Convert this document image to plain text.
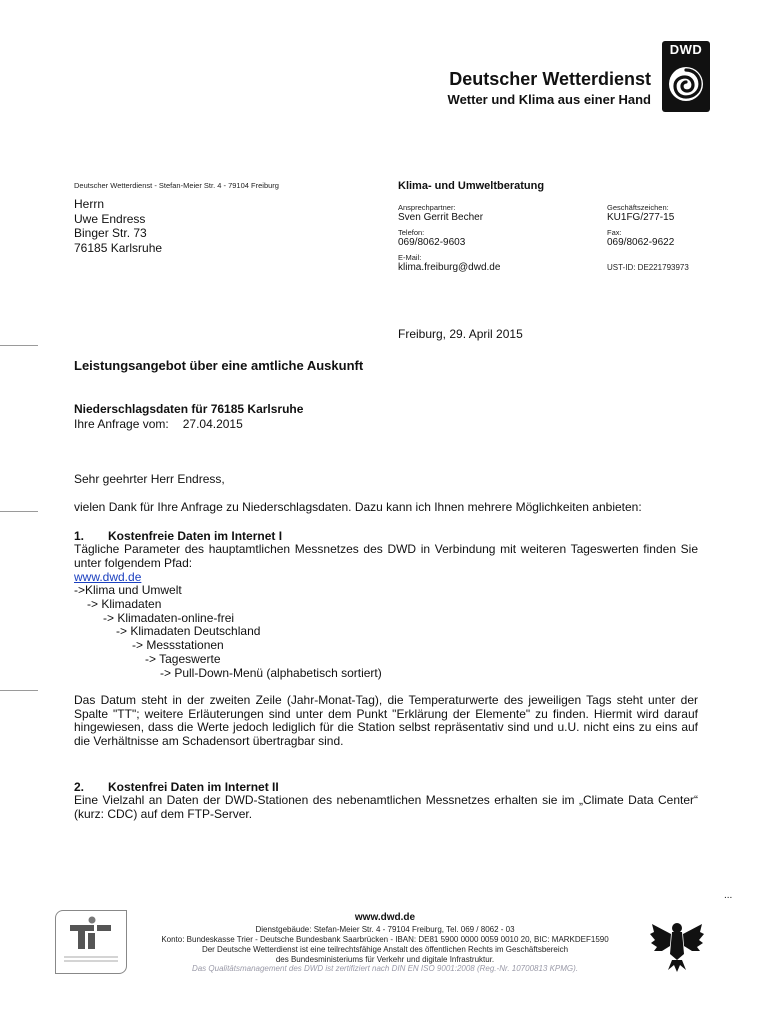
Deutscher Wetterdienst
Wetter und Klima aus einer Hand
DWD
Deutscher Wetterdienst - Stefan-Meier Str. 4 - 79104 Freiburg
Herrn
Uwe Endress
Binger Str. 73
76185 Karlsruhe
Klima- und Umweltberatung
Ansprechpartner:
Sven Gerrit Becher
Telefon:
069/8062-9603
E-Mail:
klima.freiburg@dwd.de
Geschäftszeichen:
KU1FG/277-15
Fax:
069/8062-9622
UST-ID: DE221793973
Freiburg, 29. April 2015
Leistungsangebot über eine amtliche Auskunft
Niederschlagsdaten für 76185 Karlsruhe
Ihre Anfrage vom: 27.04.2015
Sehr geehrter Herr Endress,
vielen Dank für Ihre Anfrage zu Niederschlagsdaten. Dazu kann ich Ihnen mehrere Möglichkeiten anbieten:
1. Kostenfreie Daten im Internet I
Tägliche Parameter des hauptamtlichen Messnetzes des DWD in Verbindung mit weiteren Tageswerten finden Sie unter folgendem Pfad:
www.dwd.de
->Klima und Umwelt
-> Klimadaten
-> Klimadaten-online-frei
-> Klimadaten Deutschland
-> Messstationen
-> Tageswerte
-> Pull-Down-Menü (alphabetisch sortiert)
Das Datum steht in der zweiten Zeile (Jahr-Monat-Tag), die Temperaturwerte des jeweiligen Tags steht unter der Spalte "TT"; weitere Erläuterungen sind unter dem Punkt "Erklärung der Elemente" zu finden. Hiermit wird darauf hingewiesen, dass die Werte jedoch lediglich für die Station selbst repräsentativ sind und u.U. nicht eins zu eins auf die Verhältnisse am Schadensort übertragbar sind.
2. Kostenfrei Daten im Internet II
Eine Vielzahl an Daten der DWD-Stationen des nebenamtlichen Messnetzes erhalten sie im „Climate Data Center“ (kurz: CDC) auf dem FTP-Server.
...
www.dwd.de
Dienstgebäude: Stefan-Meier Str. 4 - 79104 Freiburg, Tel. 069 / 8062 - 03
Konto: Bundeskasse Trier - Deutsche Bundesbank Saarbrücken - IBAN: DE81 5900 0000 0059 0010 20, BIC: MARKDEF1590
Der Deutsche Wetterdienst ist eine teilrechtsfähige Anstalt des öffentlichen Rechts im Geschäftsbereich
des Bundesministeriums für Verkehr und digitale Infrastruktur.
Das Qualitätsmanagement des DWD ist zertifiziert nach DIN EN ISO 9001:2008 (Reg.-Nr. 10700813 KPMG).
